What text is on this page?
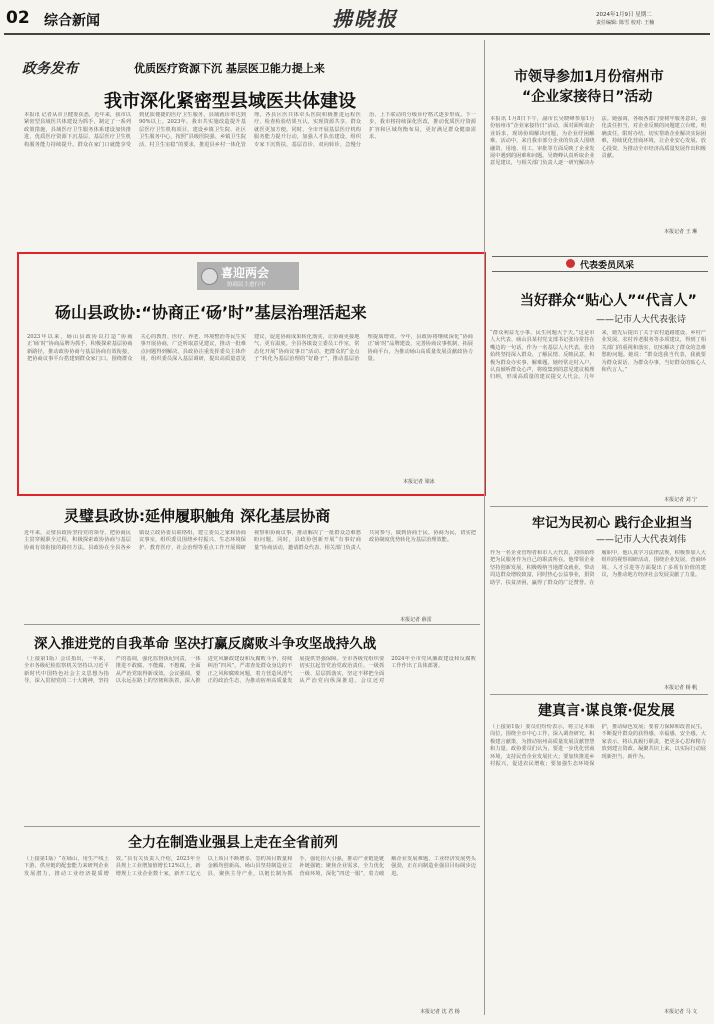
02 综合新闻	拂晓报	2024年1月9日 星期二
责任编辑: 陈雪 校对: 王楠
政务发布	优质医疗资源下沉 基层医卫能力提上来
我市深化紧密型县域医共体建设
本报讯 记者从市卫健委获悉，近年来，我市以紧密型县域医共体建设为抓手，制定了一系列政策措施，县域医疗卫生服务体系建设加快推进，优质医疗资源下沉基层，基层医疗卫生机构服务能力持续提升。群众在家门口就能享受到优质便捷的医疗卫生服务，县域就诊率达到90%以上。2023年，我市共实施改造提升基层医疗卫生机构项目，建设乡镇卫生院、社区卫生服务中心，按照“县级医院强、乡镇卫生院活、村卫生室稳”的要求，推进县乡村一体化管理。各县区医共体牵头医院积极推进远程医疗、检查检验结果互认，实现资源共享，群众就医更加方便。同时，全市开展基层医疗机构服务能力提升行动，加强人才队伍建设，组织专家下沉帮扶，基层首诊、双向转诊、急慢分治、上下联动的分级诊疗格式逐步形成。下一步，我市将持续深化医改，推动优质医疗资源扩容和区域均衡布局，更好满足群众健康需求。
喜迎两会
协商民主进行中
砀山县政协:“协商正‘砀’时”基层治理活起来
2023年以来，砀山县政协以打造“协商正‘砀’时”协商品牌为抓手，积极探索基层协商新路径，推动政协协商与基层协商有效衔接，把协商议事平台搭建到群众家门口。围绕群众关心的教育、医疗、养老、环境整治等民生实事开展协商，广泛听取意见建议，推动一批难点问题得到解决。县政协注重发挥委员主体作用，组织委员深入基层调研，提出高质量意见建议，促进协商成果转化落实，让协商更接地气、更有温度。全县各镇设立委员工作室，常态化开展“协商议事日”活动，把群众的“金点子”转化为基层治理的“好路子”，推动基层治理提质增效。今年，县政协将继续深化“协商正‘砀’时”品牌建设，完善协商议事机制，拓展协商平台，为推动砀山高质量发展贡献政协力量。
本报记者 梁冰
灵璧县政协:延伸履职触角 深化基层协商
近年来，灵璧县政协坚持党的领导，把协商民主贯穿履职全过程，积极探索政协协商与基层协商有效衔接的路径方法。县政协在全县各乡镇设立政协委员联络组，建立委员之家和协商议事室，组织委员围绕乡村振兴、生态环境保护、教育医疗、社会治理等重点工作开展调研视察和协商议事，推动解决了一批群众急难愁盼问题。同时，县政协创新开展“有事好商量”协商活动，邀请群众代表、相关部门负责人共同参与，做到协商于民、协商为民，切实把政协制度优势转化为基层治理效能。
本报记者 薛雷
深入推进党的自我革命 坚决打赢反腐败斗争攻坚战持久战
（上接第1版）会议指出，一年来，全市各级纪检监察机关坚持以习近平新时代中国特色社会主义思想为指导，深入贯彻党的二十大精神，坚持严的基调，强化监督执纪问责，一体推进不敢腐、不能腐、不想腐，全面从严治党取得新成效。会议强调，要以永远在路上的坚韧和执着，深入推进党风廉政建设和反腐败斗争，持续纠治“四风”，严肃查处群众身边的不正之风和腐败问题，着力营造风清气正的政治生态，为推动宿州高质量发展提供坚强保障。全市各级党组织要切实扛起管党治党政治责任，一级抓一级、层层抓落实，坚定不移把全面从严治党向纵深推进。会议还对2024年全市党风廉政建设和反腐败工作作出了具体部署。
全力在制造业强县上走在全省前列
（上接第1版）“在砀山，用生产线上下游、供应链的配套能力来研判企业发展潜力，推动工业经济提质增效。”县有关负责人介绍，2023年全县规上工业增加值增长12%以上，新增规上工业企业数十家，新开工亿元以上项目不断增多，签约项目数量和金额均创新高。砀山县坚持制造业立县，聚焦主导产业，以链长制为抓手，强化招大引强，推动产业链延链补链强链；聚焦企业需求，全力优化营商环境，深化“四送一服”，着力破解企业发展难题，工业经济发展势头强劲，正在向制造业强县目标阔步迈进。
本报记者 沈 君 杨
市领导参加1月份宿州市
“企业家接待日”活动
本报讯 1月8日下午，副市长吴晓峰参加1月份宿州市“企业家接待日”活动，面对面听取企业诉求，现场协调解决问题，为企业纾困解难。活动中，来自我市部分企业的负责人围绕融资、用地、用工、审批等方面反映了企业发展中遇到的困难和问题。吴晓峰认真听取企业意见建议，与相关部门负责人逐一研究解决办法。她强调，各级各部门要树牢服务意识，强化责任担当，对企业反映的问题建立台账，明确责任，限时办结，切实帮助企业解决实际困难，持续优化营商环境，让企业安心发展、放心投资，为推动全市经济高质量发展作出积极贡献。
本报记者 王 琳
代表委员风采
当好群众“贴心人”“代言人”
——记市人大代表张诗
“群众利益无小事，民生问题大于天。”这是市人大代表、砀山县某村党支部书记张诗常挂在嘴边的一句话。作为一名基层人大代表，张诗始终坚持深入群众、了解民情、反映民意，积极为群众办实事、解难题。她经常走村入户，认真倾听群众心声，将收集到的意见建议梳理归纳，形成高质量的建议提交人代会。几年来，她先后提出了关于农村道路建设、乡村产业发展、农村养老服务等多项建议，得到了相关部门的重视和落实，切实解决了群众的急难愁盼问题。她说：“群众选我当代表，我就要为群众说话、为群众办事，当好群众的贴心人和代言人。”
本报记者 刘 宁
牢记为民初心 践行企业担当
——记市人大代表刘伟
作为一名企业管理者和市人大代表，刘伟始终把为民服务作为自己的职责所在。他带领企业坚持创新发展，积极吸纳当地群众就业，带动周边群众增收致富，同时热心公益事业，捐资助学、扶贫济困，赢得了群众的广泛赞誉。在履职中，他认真学习法律法规，积极参加人大组织的视察调研活动，围绕企业发展、营商环境、人才引进等方面提出了多项有价值的建议，为推动地方经济社会发展贡献了力量。
本报记者 杨 帆
建真言·谋良策·促发展
（上接第1版）委员们纷纷表示，将立足本职岗位，围绕全市中心工作，深入调查研究，积极建言献策，为推动宿州高质量发展贡献智慧和力量。政协委员们认为，要进一步优化营商环境，支持民营企业发展壮大；要加快推进乡村振兴，促进农民增收；要加强生态环境保护，推动绿色发展；要着力保障和改善民生，不断提升群众的获得感、幸福感、安全感。大家表示，将认真履行职责，把更多心思和精力放到建言资政、凝聚共识上来，以实际行动展现新担当、新作为。
本报记者 马 文
